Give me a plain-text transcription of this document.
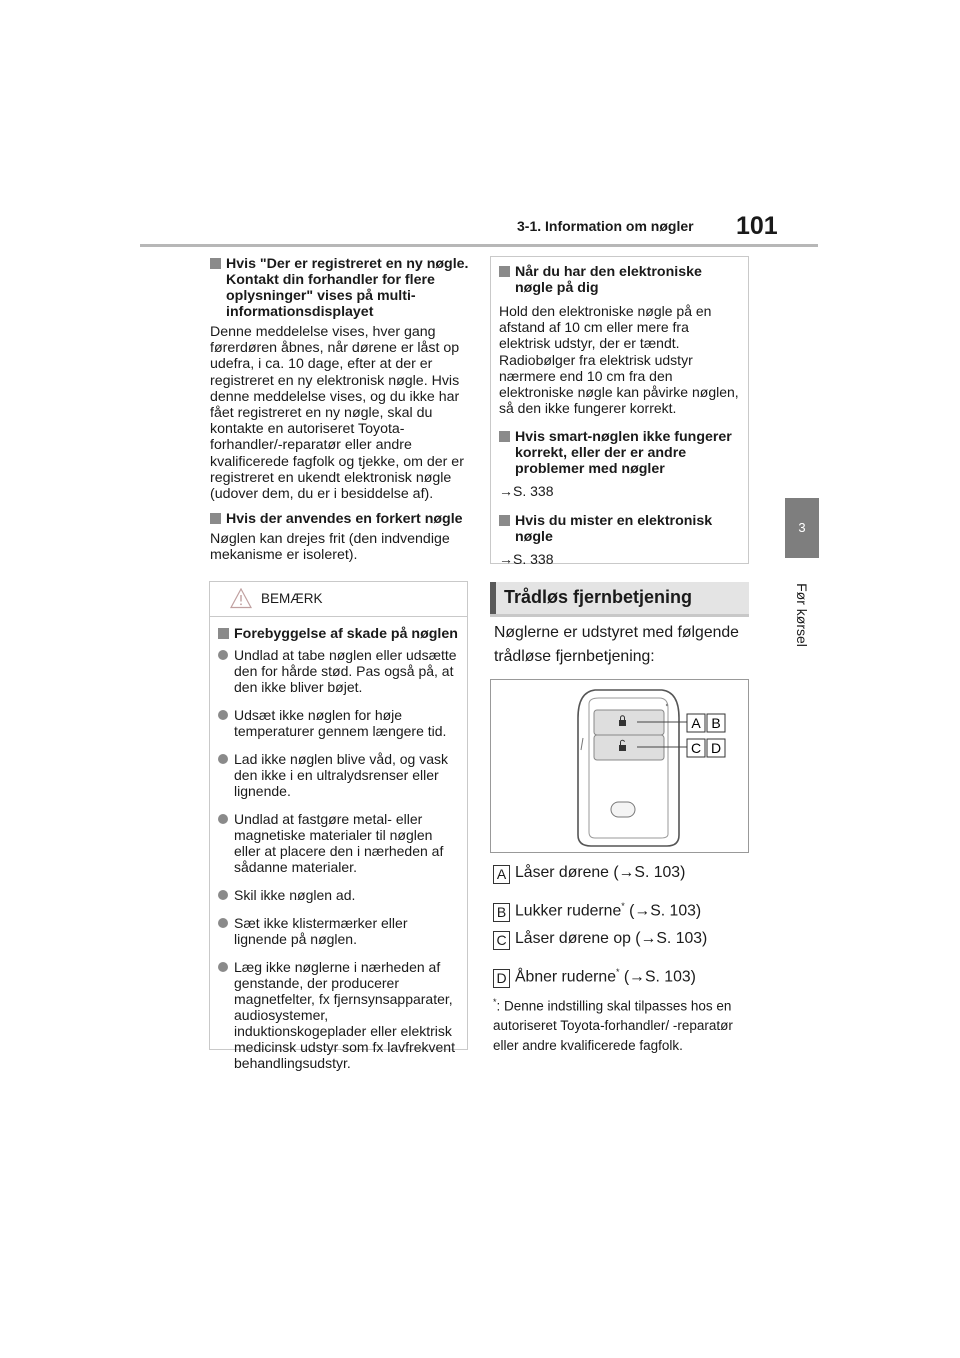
3-1. Information om nøgler 101
3
Før kørsel
Hvis "Der er registreret en ny nøgle. Kontakt din forhandler for flere oplysninger" vises på multi-informationsdisplayet
Denne meddelelse vises, hver gang førerdøren åbnes, når dørene er låst op udefra, i ca. 10 dage, efter at der er registreret en ny elektronisk nøgle. Hvis denne meddelelse vises, og du ikke har fået registreret en ny nøgle, skal du kontakte en autoriseret Toyota-forhandler/-reparatør eller andre kvalificerede fagfolk og tjekke, om der er registreret en ukendt elektronisk nøgle (udover dem, du er i besiddelse af).
Hvis der anvendes en forkert nøgle
Nøglen kan drejes frit (den indvendige mekanisme er isoleret).
BEMÆRK
Forebyggelse af skade på nøglen
Undlad at tabe nøglen eller udsætte den for hårde stød. Pas også på, at den ikke bliver bøjet.
Udsæt ikke nøglen for høje temperaturer gennem længere tid.
Lad ikke nøglen blive våd, og vask den ikke i en ultralydsrenser eller lignende.
Undlad at fastgøre metal- eller magnetiske materialer til nøglen eller at placere den i nærheden af sådanne materialer.
Skil ikke nøglen ad.
Sæt ikke klistermærker eller lignende på nøglen.
Læg ikke nøglerne i nærheden af genstande, der producerer magnetfelter, fx fjernsynsapparater, audiosystemer, induktionskogeplader eller elektrisk medicinsk udstyr som fx lavfrekvent behandlingsudstyr.
Når du har den elektroniske nøgle på dig
Hold den elektroniske nøgle på en afstand af 10 cm eller mere fra elektrisk udstyr, der er tændt. Radiobølger fra elektrisk udstyr nærmere end 10 cm fra den elektroniske nøgle kan påvirke nøglen, så den ikke fungerer korrekt.
Hvis smart-nøglen ikke fungerer korrekt, eller der er andre problemer med nøgler
→S. 338
Hvis du mister en elektronisk nøgle
→S. 338
Trådløs fjernbetjening
Nøglerne er udstyret med følgende trådløse fjernbetjening:
A B
C D
A Låser dørene (→S. 103)
B Lukker ruderne* (→S. 103)
C Låser dørene op (→S. 103)
D Åbner ruderne* (→S. 103)
*: Denne indstilling skal tilpasses hos en autoriseret Toyota-forhandler/ -reparatør eller andre kvalificerede fagfolk.
